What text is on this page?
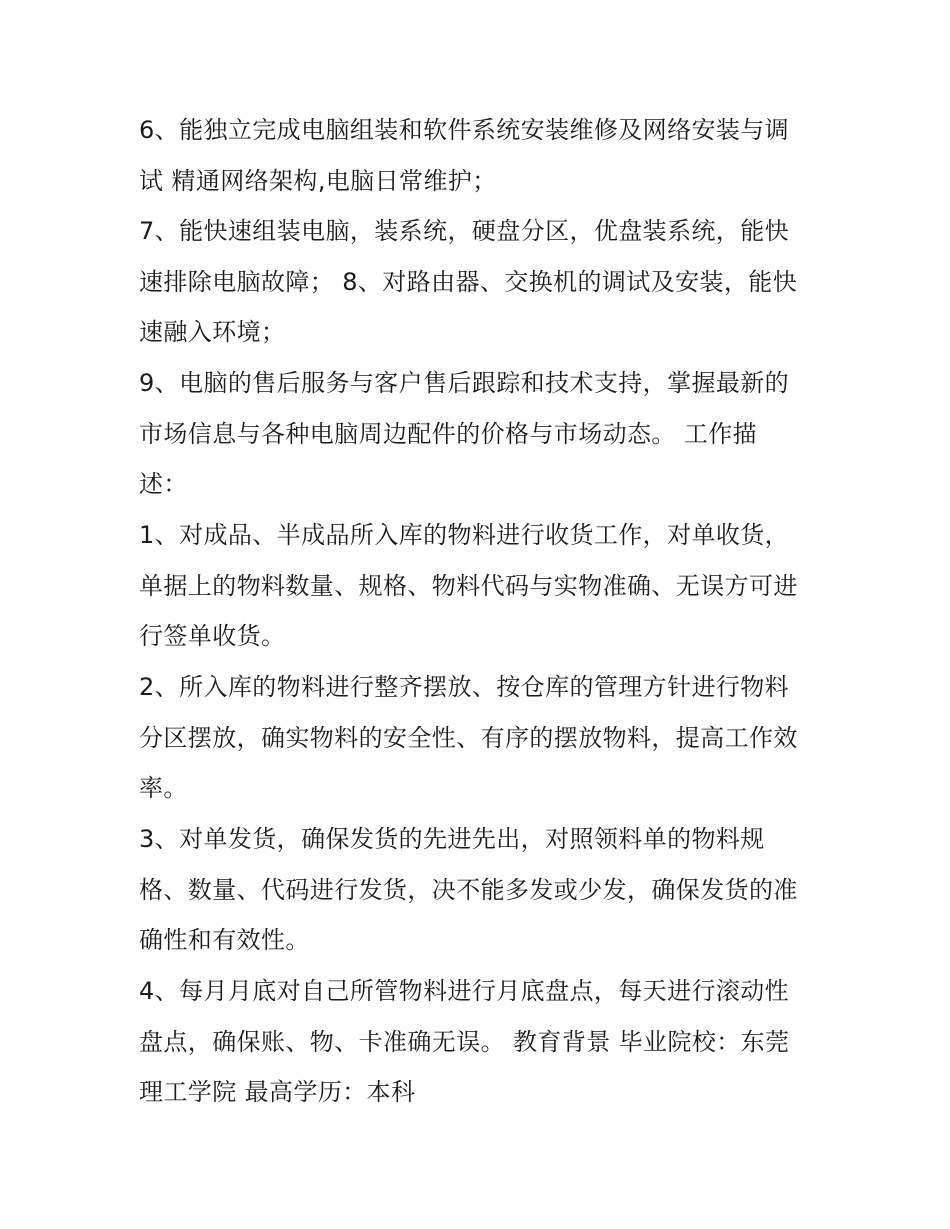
6、能独立完成电脑组装和软件系统安装维修及网络安装与调
试 精通网络架构,电脑日常维护；
7、能快速组装电脑，装系统，硬盘分区，优盘装系统，能快
速排除电脑故障； 8、对路由器、交换机的调试及安装，能快
速融入环境；
9、电脑的售后服务与客户售后跟踪和技术支持，掌握最新的
市场信息与各种电脑周边配件的价格与市场动态。 工作描
述：
1、对成品、半成品所入库的物料进行收货工作，对单收货，
单据上的物料数量、规格、物料代码与实物准确、无误方可进
行签单收货。
2、所入库的物料进行整齐摆放、按仓库的管理方针进行物料
分区摆放，确实物料的安全性、有序的摆放物料，提高工作效
率。
3、对单发货，确保发货的先进先出，对照领料单的物料规
格、数量、代码进行发货，决不能多发或少发，确保发货的准
确性和有效性。
4、每月月底对自己所管物料进行月底盘点，每天进行滚动性
盘点，确保账、物、卡准确无误。 教育背景 毕业院校：东莞
理工学院 最高学历：本科
